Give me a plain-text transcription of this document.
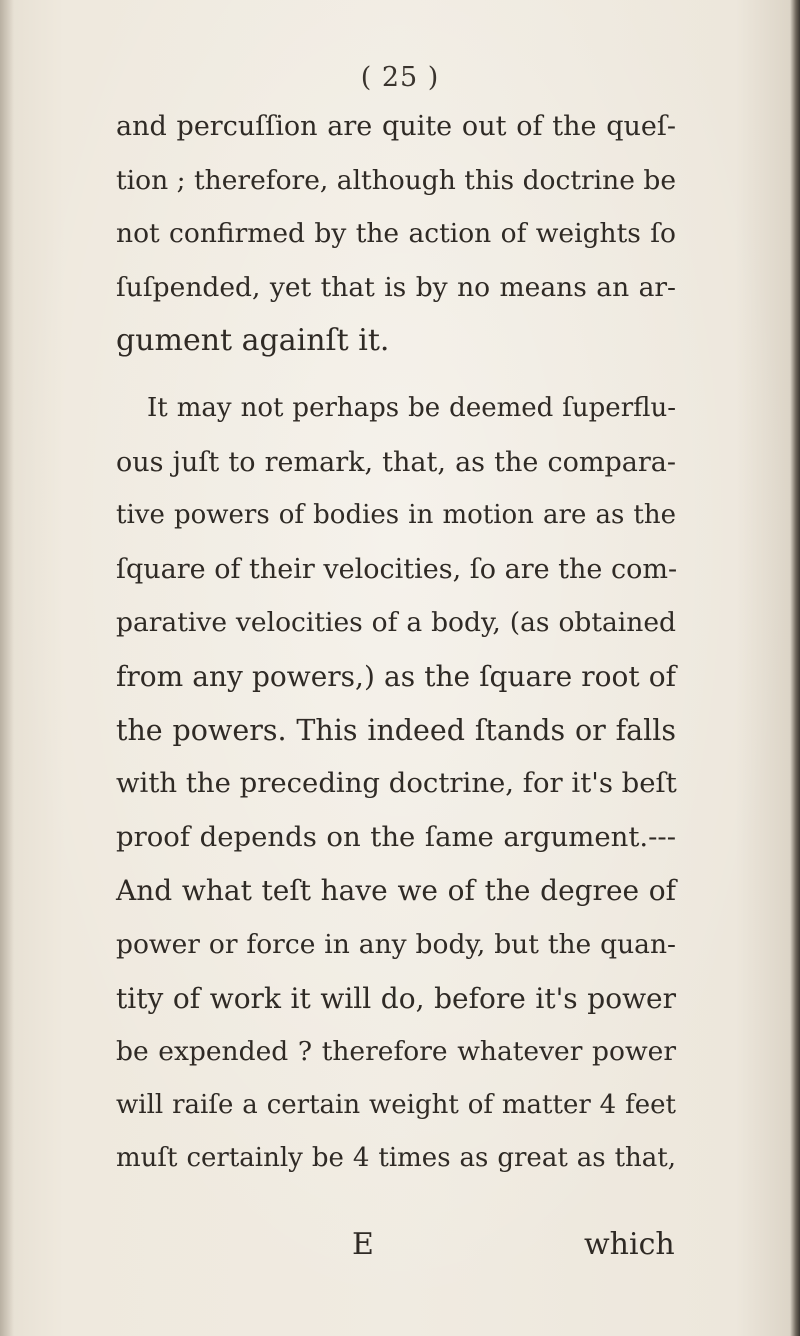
( 25 )
and percuſſion are quite out of the queſ-
tion ; therefore, although this doctrine be
not confirmed by the action of weights ſo
ſuſpended, yet that is by no means an ar-
gument againſt it.
It may not perhaps be deemed ſuperflu-
ous juſt to remark, that, as the compara-
tive powers of bodies in motion are as the
ſquare of their velocities, ſo are the com-
parative velocities of a body, (as obtained
from any powers,) as the ſquare root of
the powers. This indeed ſtands or falls
with the preceding doctrine, for it's beſt
proof depends on the ſame argument.---
And what teſt have we of the degree of
power or force in any body, but the quan-
tity of work it will do, before it's power
be expended ? therefore whatever power
will raiſe a certain weight of matter 4 feet
muſt certainly be 4 times as great as that,
E	which
